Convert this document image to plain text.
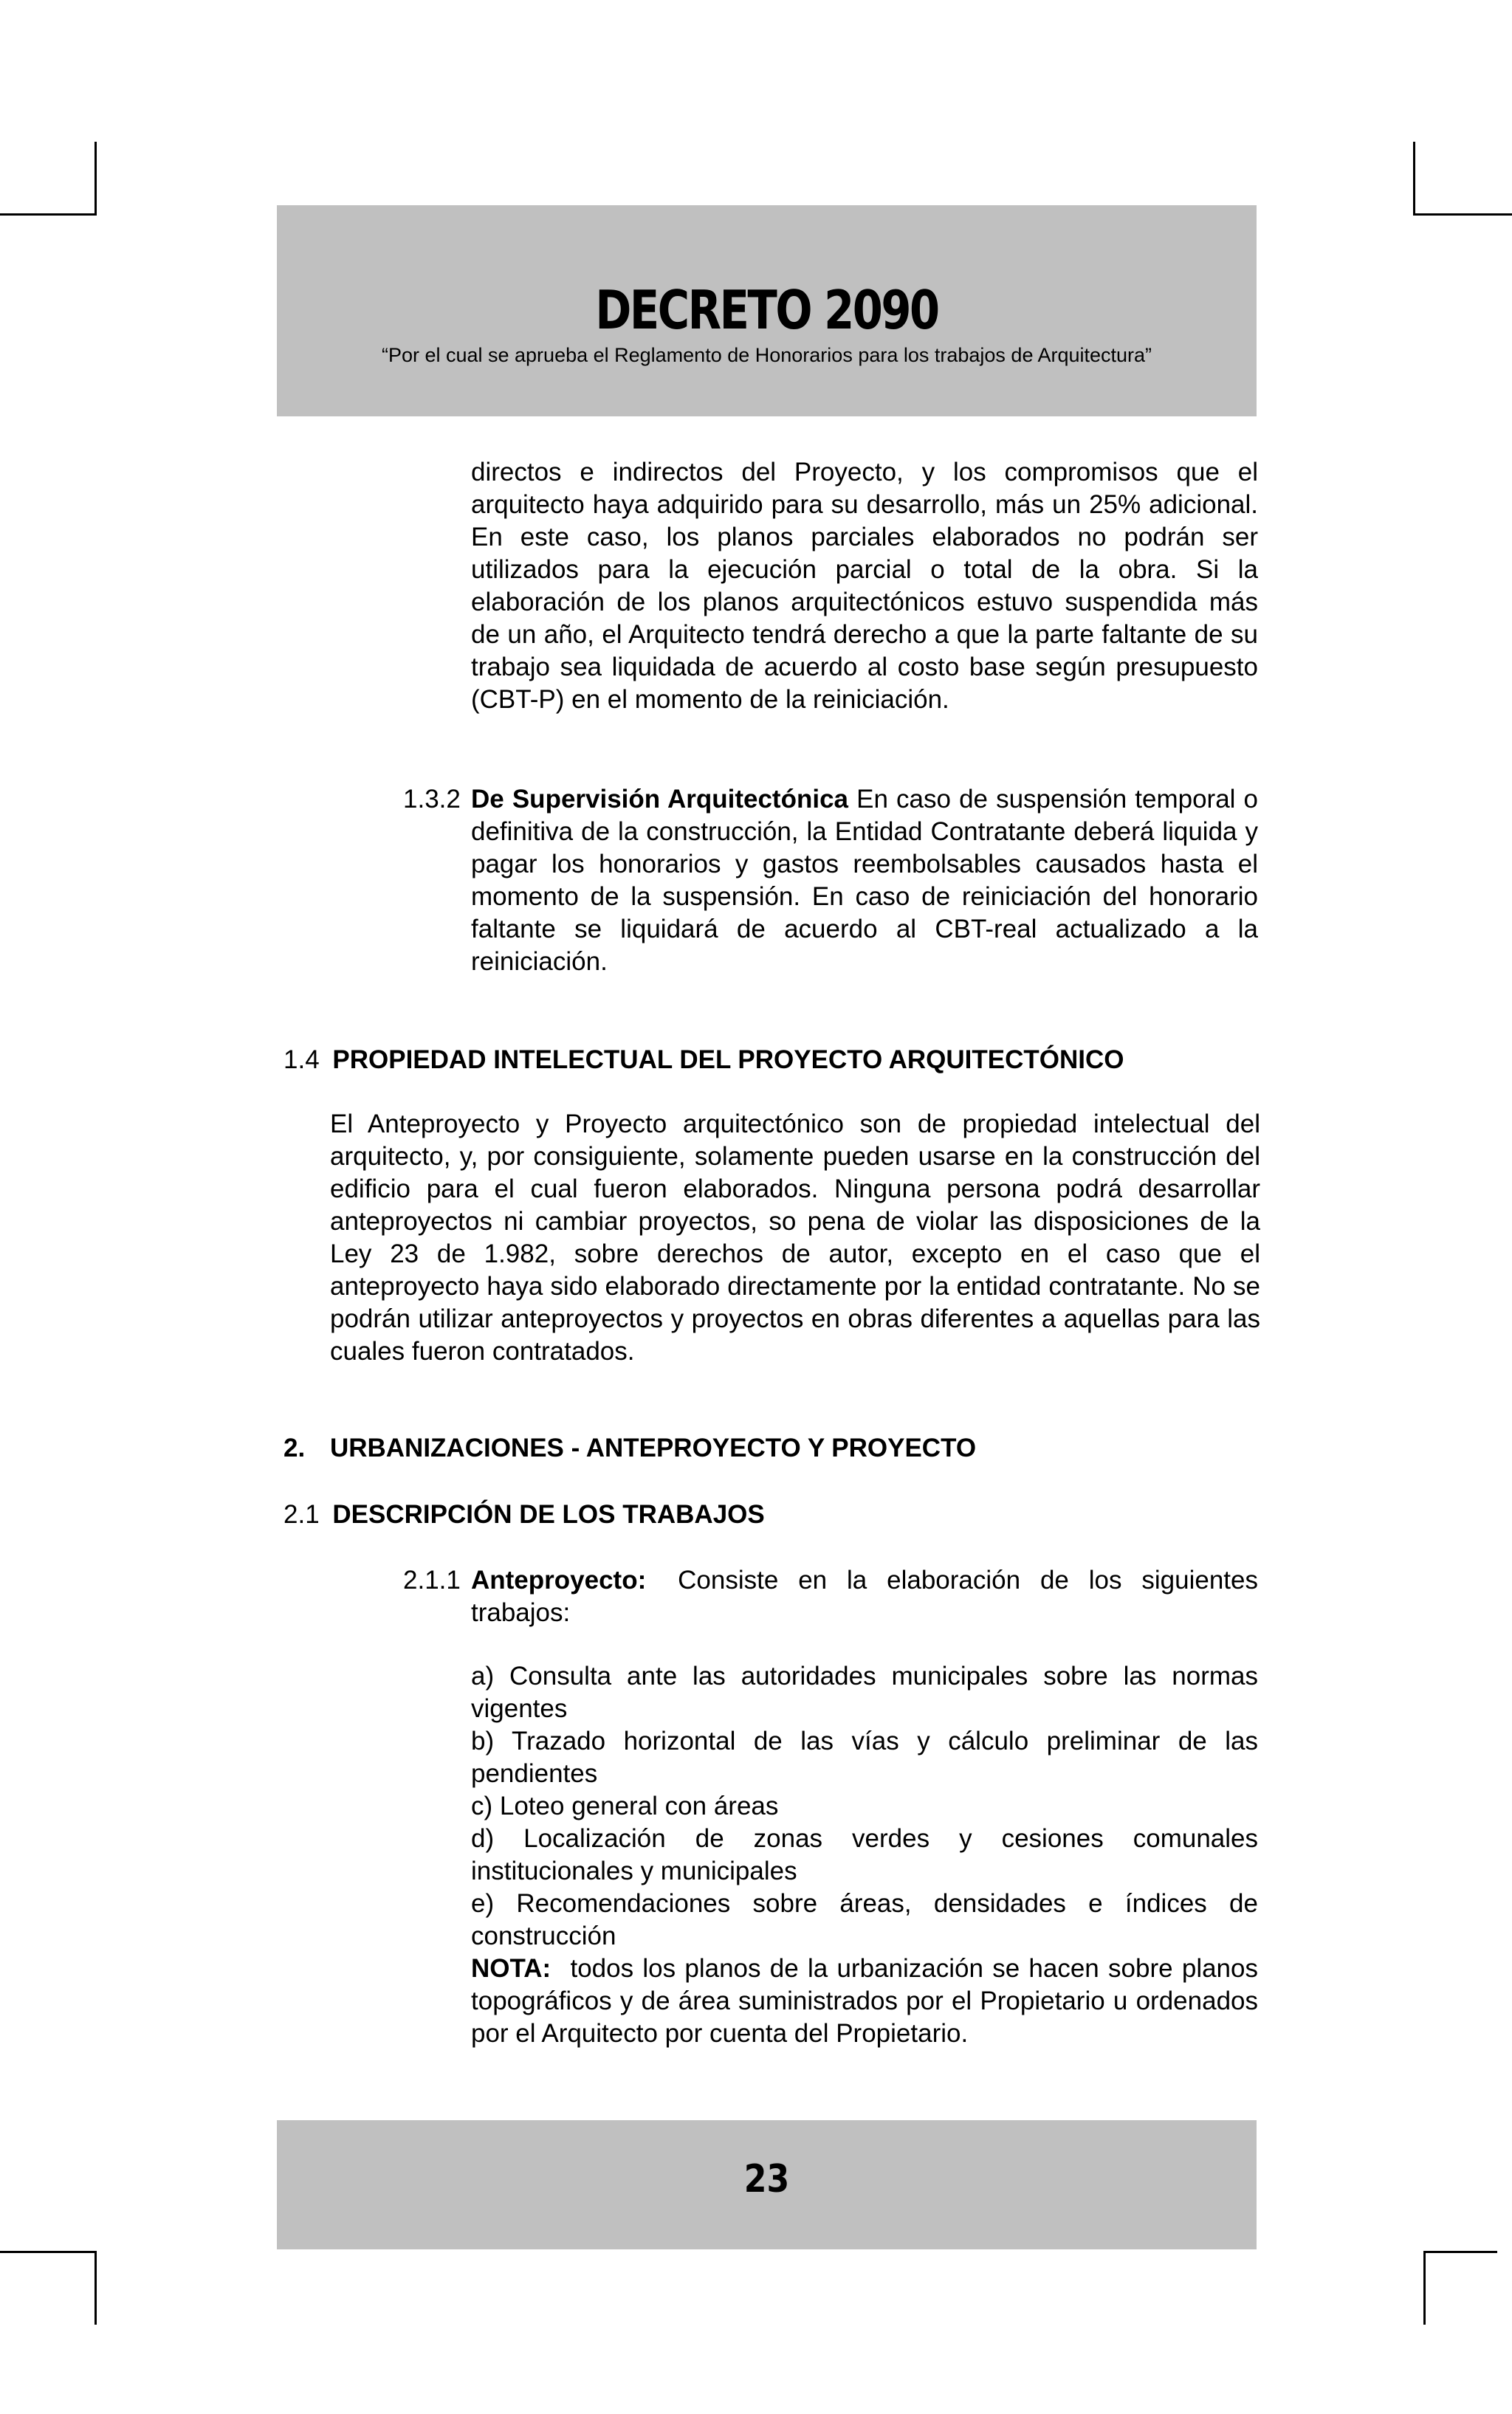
DECRETO 2090
“Por el cual se aprueba el Reglamento de Honorarios para los trabajos de Arquitectura”

directos e indirectos del Proyecto, y los compromisos que el arquitecto haya adquirido para su desarrollo, más un 25% adicional. En este caso, los planos parciales elaborados no podrán ser utilizados para la ejecución parcial o total de la obra. Si la elaboración de los planos arquitectónicos estuvo suspendida más de un año, el Arquitecto tendrá derecho a que la parte faltante de su trabajo sea liquidada de acuerdo al costo base según presupuesto (CBT-P) en el momento de la reiniciación.

1.3.2 De Supervisión Arquitectónica En caso de suspensión temporal o definitiva de la construcción, la Entidad Contratante deberá liquida y pagar los honorarios y gastos reembolsables causados hasta el momento de la suspensión. En caso de reiniciación del honorario faltante se liquidará de acuerdo al CBT-real actualizado a la reiniciación.
1.4 PROPIEDAD INTELECTUAL DEL PROYECTO ARQUITECTÓNICO

El Anteproyecto y Proyecto arquitectónico son de propiedad intelectual del arquitecto, y, por consiguiente, solamente pueden usarse en la construcción del edificio para el cual fueron elaborados. Ninguna persona podrá desarrollar anteproyectos ni cambiar proyectos, so pena de violar las disposiciones de la Ley 23 de 1.982, sobre derechos de autor, excepto en el caso que el anteproyecto haya sido elaborado directamente por la entidad contratante. No se podrán utilizar anteproyectos y proyectos en obras diferentes a aquellas para las cuales fueron contratados.

2. URBANIZACIONES - ANTEPROYECTO Y PROYECTO
2.1 DESCRIPCIÓN DE LOS TRABAJOS
2.1.1 Anteproyecto: Consiste en la elaboración de los siguientes trabajos:
a) Consulta ante las autoridades municipales sobre las normas vigentes
b) Trazado horizontal de las vías y cálculo preliminar de las pendientes
c) Loteo general con áreas
d) Localización de zonas verdes y cesiones comunales institucionales y municipales
e) Recomendaciones sobre áreas, densidades e índices de construcción
NOTA: todos los planos de la urbanización se hacen sobre planos topográficos y de área suministrados por el Propietario u ordenados por el Arquitecto por cuenta del Propietario.
23
